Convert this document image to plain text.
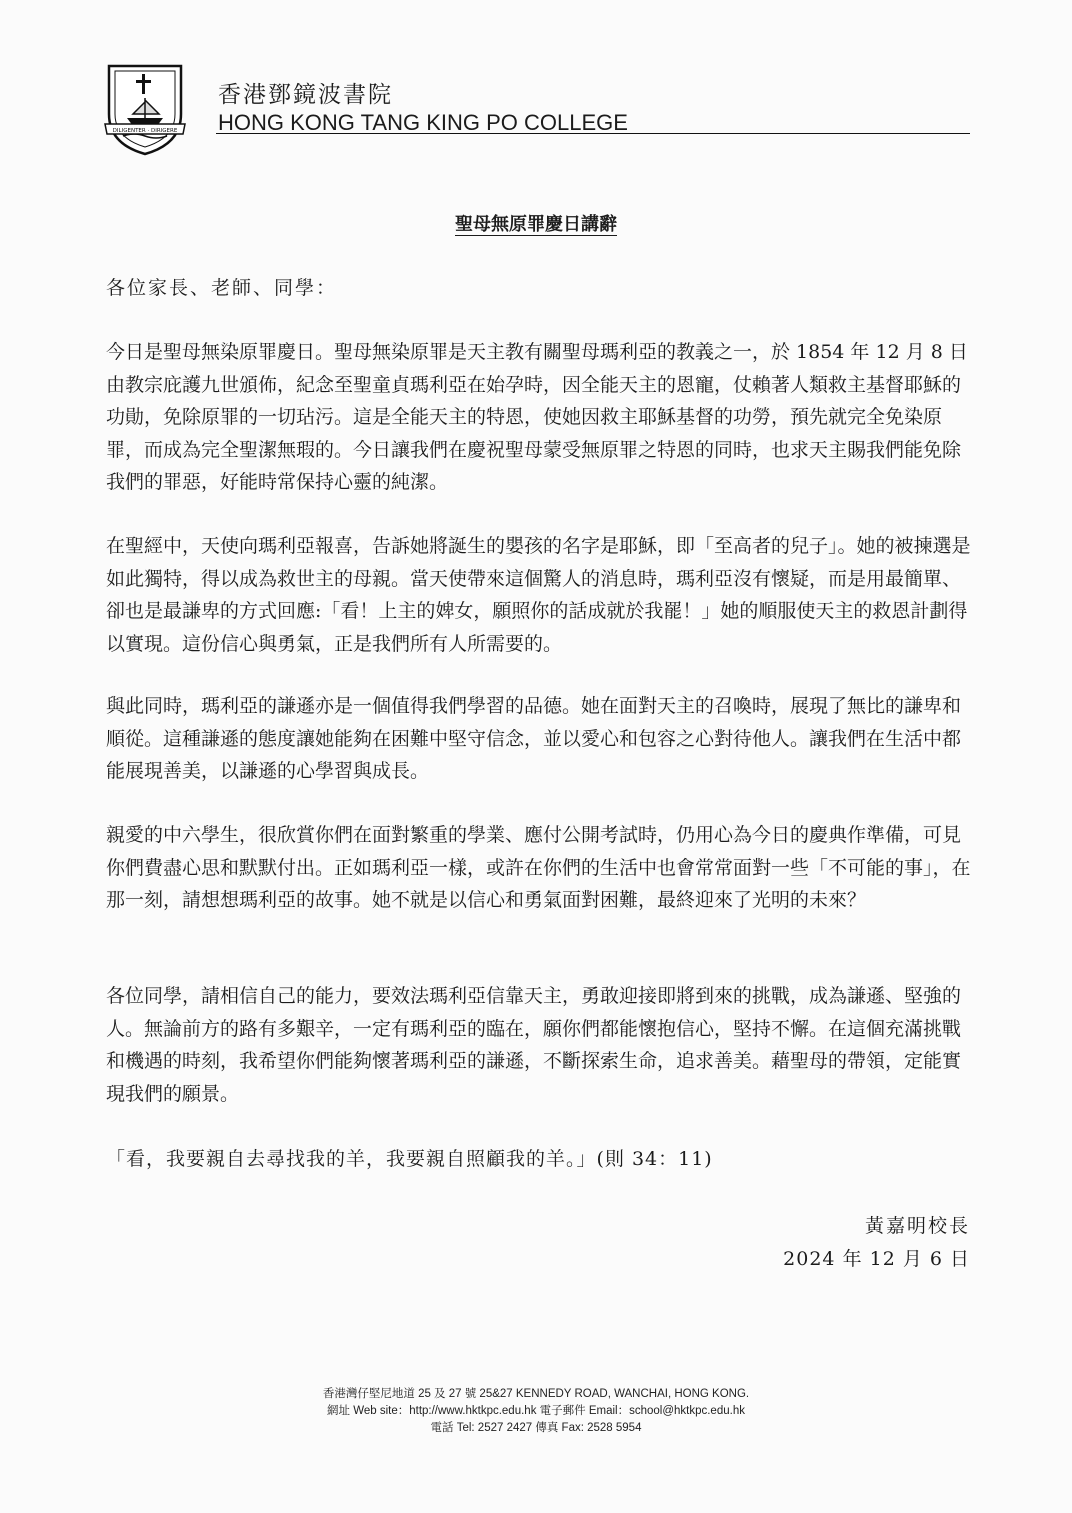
DILIGENTER · DIRIGERE
香港鄧鏡波書院
HONG KONG TANG KING PO COLLEGE
聖母無原罪慶日講辭
各位家長、老師、同學：
今日是聖母無染原罪慶日。聖母無染原罪是天主教有關聖母瑪利亞的教義之一，於 1854 年 12 月 8 日由教宗庇護九世頒佈，紀念至聖童貞瑪利亞在始孕時，因全能天主的恩寵，仗賴著人類救主基督耶穌的功勛，免除原罪的一切玷污。這是全能天主的特恩，使她因救主耶穌基督的功勞，預先就完全免染原罪，而成為完全聖潔無瑕的。今日讓我們在慶祝聖母蒙受無原罪之特恩的同時，也求天主賜我們能免除我們的罪惡，好能時常保持心靈的純潔。
在聖經中，天使向瑪利亞報喜，告訴她將誕生的嬰孩的名字是耶穌，即「至高者的兒子」。她的被揀選是如此獨特，得以成為救世主的母親。當天使帶來這個驚人的消息時，瑪利亞沒有懷疑，而是用最簡單、卻也是最謙卑的方式回應:「看！上主的婢女，願照你的話成就於我罷！」她的順服使天主的救恩計劃得以實現。這份信心與勇氣，正是我們所有人所需要的。
與此同時，瑪利亞的謙遜亦是一個值得我們學習的品德。她在面對天主的召喚時，展現了無比的謙卑和順從。這種謙遜的態度讓她能夠在困難中堅守信念，並以愛心和包容之心對待他人。讓我們在生活中都能展現善美，以謙遜的心學習與成長。
親愛的中六學生，很欣賞你們在面對繁重的學業、應付公開考試時，仍用心為今日的慶典作準備，可見你們費盡心思和默默付出。正如瑪利亞一樣，或許在你們的生活中也會常常面對一些「不可能的事」，在那一刻，請想想瑪利亞的故事。她不就是以信心和勇氣面對困難，最終迎來了光明的未來？
各位同學，請相信自己的能力，要效法瑪利亞信靠天主，勇敢迎接即將到來的挑戰，成為謙遜、堅強的人。無論前方的路有多艱辛，一定有瑪利亞的臨在，願你們都能懷抱信心，堅持不懈。在這個充滿挑戰和機遇的時刻，我希望你們能夠懷著瑪利亞的謙遜，不斷探索生命，追求善美。藉聖母的帶領，定能實現我們的願景。
「看，我要親自去尋找我的羊，我要親自照顧我的羊。」(則 34：11)
黃嘉明校長
2024 年 12 月 6 日
香港灣仔堅尼地道 25 及 27 號 25&27 KENNEDY ROAD, WANCHAI, HONG KONG.
網址 Web site：http://www.hktkpc.edu.hk 電子郵件 Email：school@hktkpc.edu.hk
電話 Tel: 2527 2427 傳真 Fax: 2528 5954
